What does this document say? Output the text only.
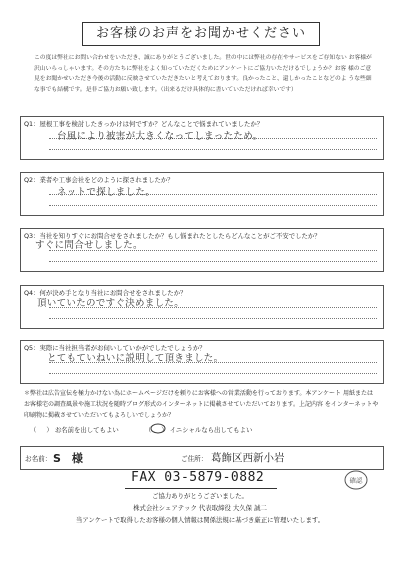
お客様のお声をお聞かせください
この度は弊社にお問い合わせをいただき、誠にありがとうございました。世の中には弊社の存在やサービスをご存知ない お客様が沢山いらっしゃいます。その方たちに弊社をよく知っていただくためにアンケートにご協力いただけるでしょうか？お客 様のご意見をお聞かせいただき今後の活動に反映させていただきたいと考えております。良かったこと、還しかったことなどのよ うな些細な事でも結構です。是非ご協力お願い致します。（出来るだけ具体的に書いていただければ幸いです）
Q1：屋根工事を検討したきっかけは何ですか？どんなことで悩まれていましたか？
台風により被害が大きくなってしまったため。
Q2：業者や工事会社をどのように探されましたか？
ネットで探しました。
Q3：当社を知りすぐにお問合せをされましたか？もし悩まれたとしたらどんなことがご不安でしたか？
すぐに問合せしました。
Q4：何が決め手となり当社にお問合せをされましたか？
頂いていたのですぐ決めました。
Q5：実際に当社担当者がお伺いしていかがでしたでしょうか？
とてもていねいに説明して頂きました。
＊弊社は広告宣伝を極力かけない為にホームページだけを頼りにお客様への営業活動を行っております。本アンケート 用紙または お客様宅の調査風景や施工状況を随時ブログ形式のインターネットに掲載させていただいております。上記内容 をインターネットや印刷物に掲載させていただいてもよろしいでしょうか？
（ ） お名前を出してもよい	（ ） イニシャルなら出してもよい
お名前： S　様	ご住所： 葛飾区西新小岩
FAX 03-5879-0882	確認
ご協力ありがとうございました。
株式会社シェアテック 代表取締役 大久保 誠二
当アンケートで取得したお客様の個人情報は関係法規に基づき厳正に管理いたします。
